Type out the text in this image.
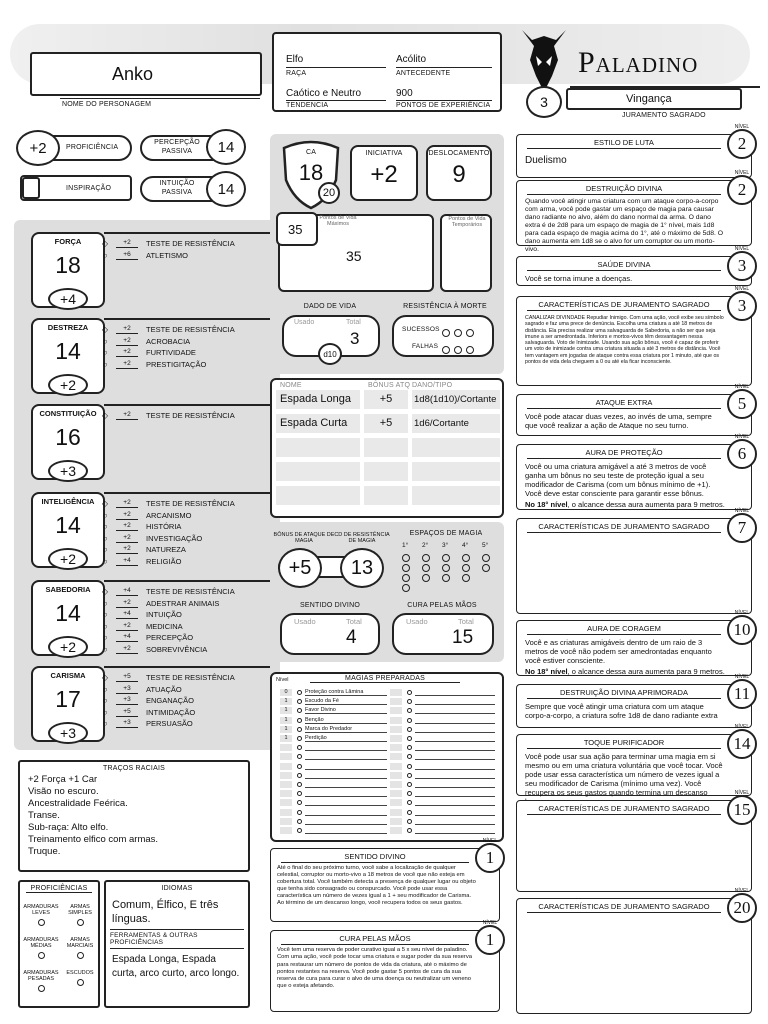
Anko
NOME DO PERSONAGEM
Elfo
RAÇA
Acólito
ANTECEDENTE
Caótico e Neutro
TENDENCIA
900
PONTOS DE EXPERIÊNCIA
Paladino
3	Vingança
JURAMENTO SAGRADO
+2	PROFICIÊNCIA
PERCEPÇÃO PASSIVA	14
INSPIRAÇÃO
INTUIÇÃO PASSIVA	14
FORÇA
18
+4
◇	+2	TESTE DE RESISTÊNCIA
○	+6	ATLETISMO
DESTREZA
14
+2
◇	+2	TESTE DE RESISTÊNCIA
○	+2	ACROBACIA
○	+2	FURTIVIDADE
○	+2	PRESTIGITAÇÃO
CONSTITUIÇÃO
16
+3
◇	+2	TESTE DE RESISTÊNCIA
INTELIGÊNCIA
14
+2
◇	+2	TESTE DE RESISTÊNCIA
○	+2	ARCANISMO
○	+2	HISTÓRIA
○	+2	INVESTIGAÇÃO
○	+2	NATUREZA
○	+4	RELIGIÃO
SABEDORIA
14
+2
◇	+4	TESTE DE RESISTÊNCIA
○	+2	ADESTRAR ANIMAIS
○	+4	INTUIÇÃO
○	+2	MEDICINA
○	+4	PERCEPÇÃO
○	+2	SOBREVIVÊNCIA
CARISMA
17
+3
◇	+5	TESTE DE RESISTÊNCIA
○	+3	ATUAÇÃO
○	+3	ENGANAÇÃO
○	+5	INTIMIDAÇÃO
○	+3	PERSUASÃO
TRAÇOS RACIAIS
+2 Força +1 Car
Visão no escuro.
Ancestralidade Feérica.
Transe.
Sub-raça: Alto elfo.
Treinamento elfico com armas.
Truque.
PROFICIÊNCIAS
ARMADURAS LEVES
ARMAS SIMPLES
ARMADURAS MÉDIAS
ARMAS MARCIAIS
ARMADURAS PESADAS
ESCUDOS
IDIOMAS
Comum, Élfico, E três línguas.
FERRAMENTAS & OUTRAS PROFICIÊNCIAS
Espada Longa, Espada curta, arco curto, arco longo.
CA
18
20
INICIATIVA
+2
DESLOCAMENTO
9
35
Pontos de Vida Máximos
35
Pontos de Vida Temporários
DADO DE VIDA
Usado	Total
3
d10
RESISTÊNCIA À MORTE
SUCESSOS
FALHAS
NOME	BÔNUS ATQ DANO/TIPO
Espada Longa	+5	1d8(1d10)/Cortante
Espada Curta	+5	1d6/Cortante
BÔNUS DE ATAQUE DE MAGIA
CD DE RESISTÊNCIA DE MAGIA
+5 13
ESPAÇOS DE MAGIA
1° 2° 3° 4° 5°
SENTIDO DIVINO
Usado	Total
4
CURA PELAS MÃOS
Usado	Total
15
MAGIAS PREPARADAS
Nível
0	Proteção contra Lâmina
1	Escudo da Fé
1	Favor Divino
1	Benção
1	Marca do Predador
1	Perdição
SENTIDO DIVINO
Até o final do seu próximo turno, você sabe a localização de qualquer celestial, corruptor ou morto-vivo a 18 metros de você que não esteja em cobertura total. Você também detecta a presença de qualquer lugar ou objeto que tenha sido consagrado ou conspurcado. Você pode usar essa característica um número de vezes igual a 1 + seu modificador de Carisma. Ao término de um descanso longo, você recupera todos os seus gastos.
NÍVEL
1
CURA PELAS MÃOS
Você tem uma reserva de poder curativo igual a 5 x seu nível de paladino. Com uma ação, você pode tocar uma criatura e sugar poder da sua reserva para restaurar um número de pontos de vida da criatura, até o máximo de pontos restantes na reserva. Você pode gastar 5 pontos de cura da sua reserva de cura para curar o alvo de uma doença ou neutralizar um veneno que o esteja afetando.
NÍVEL
1
ESTILO DE LUTA
Duelismo
NÍVEL
2
DESTRUIÇÃO DIVINA
Quando você atingir uma criatura com um ataque corpo-a-corpo com arma, você pode gastar um espaço de magia para causar dano radiante no alvo, além do dano normal da arma. O dano extra é de 2d8 para um espaço de magia de 1° nível, mais 1d8 para cada espaço de magia acima do 1°, até o máximo de 5d8. O dano aumenta em 1d8 se o alvo for um corruptor ou um morto-vivo.
NÍVEL
2
SAÚDE DIVINA
Você se torna imune a doenças.
NÍVEL
3
CARACTERÍSTICAS DE JURAMENTO SAGRADO
CANALIZAR DIVINDADE Repudiar Inimigo. Com uma ação, você exibe seu símbolo sagrado e faz uma prece de denúncia. Escolha uma criatura a até 18 metros de distância. Ela precisa realizar uma salvaguarda de Sabedoria, a não ser que seja imune a ser amedrontada. Inferiors e mortos-vivos têm desvantagem nessa salvaguarda. Voto de Inimizade. Usando sua ação bônus, você é capaz de proferir um voto de inimizade contra uma criatura situada a até 3 metros de distância. Você tem vantagem em jogadas de ataque contra essa criatura por 1 minuto, até que os pontos de vida dela cheguem a 0 ou até ela ficar inconsciente.
NÍVEL
3
ATAQUE EXTRA
Você pode atacar duas vezes, ao invés de uma, sempre que você realizar a ação de Ataque no seu turno.
NÍVEL
5
AURA DE PROTEÇÃO
Você ou uma criatura amigável a até 3 metros de você ganha um bônus no seu teste de proteção igual a seu modificador de Carisma (com um bônus mínimo de +1). Você deve estar consciente para garantir esse bônus.
No 18° nível, o alcance dessa aura aumenta para 9 metros.
NÍVEL
6
CARACTERÍSTICAS DE JURAMENTO SAGRADO
NÍVEL
7
AURA DE CORAGEM
Você e as criaturas amigáveis dentro de um raio de 3 metros de você não podem ser amedrontadas enquanto você estiver consciente.
No 18° nível, o alcance dessa aura aumenta para 9 metros.
NÍVEL
10
DESTRUIÇÃO DIVINA APRIMORADA
Sempre que você atingir uma criatura com um ataque corpo-a-corpo, a criatura sofre 1d8 de dano radiante extra
NÍVEL
11
TOQUE PURIFICADOR
Você pode usar sua ação para terminar uma magia em si mesmo ou em uma criatura voluntária que você tocar. Você pode usar essa característica um número de vezes igual a seu modificador de Carisma (mínimo uma vez). Você recupera os seus gastos quando termina um descanso
NÍVEL
14
CARACTERÍSTICAS DE JURAMENTO SAGRADO
NÍVEL
15
CARACTERÍSTICAS DE JURAMENTO SAGRADO
NÍVEL
20
